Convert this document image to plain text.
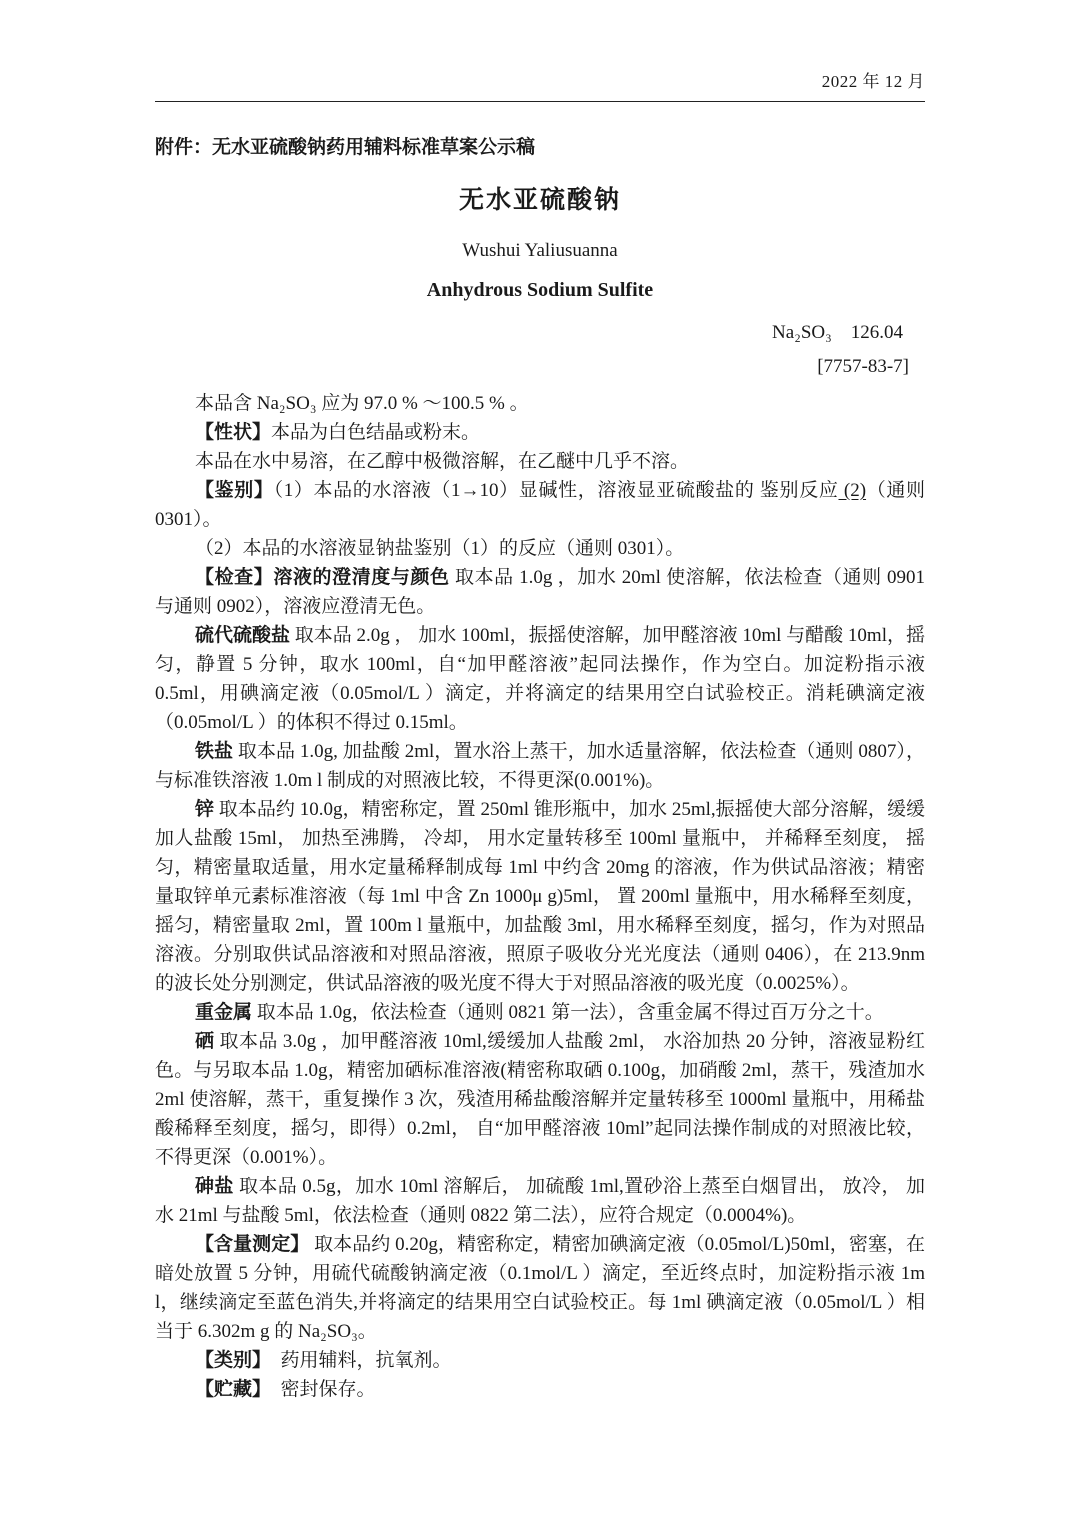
2022 年 12 月
附件：无水亚硫酸钠药用辅料标准草案公示稿
无水亚硫酸钠
Wushui Yaliusuanna
Anhydrous Sodium Sulfite
Na₂SO₃    126.04
[7757-83-7]

本品含 Na₂SO₃ 应为 97.0 % ～100.5 % 。

【性状】本品为白色结晶或粉末。

本品在水中易溶，在乙醇中极微溶解，在乙醚中几乎不溶。

【鉴别】（1）本品的水溶液（1→10）显碱性，溶液显亚硫酸盐的 鉴别反应 (2)（通则 0301）。

（2）本品的水溶液显钠盐鉴别（1）的反应（通则 0301）。

【检查】溶液的澄清度与颜色 取本品 1.0g ，加水 20ml 使溶解，依法检查（通则 0901 与通则 0902），溶液应澄清无色。

硫代硫酸盐 取本品 2.0g ， 加水 100ml，振摇使溶解，加甲醛溶液 10ml 与醋酸 10ml，摇匀，静置 5 分钟，取水 100ml，自“加甲醛溶液”起同法操作，作为空白。加淀粉指示液 0.5ml，用碘滴定液（0.05mol/L ）滴定，并将滴定的结果用空白试验校正。消耗碘滴定液（0.05mol/L ）的体积不得过 0.15ml。

铁盐 取本品 1.0g, 加盐酸 2ml，置水浴上蒸干，加水适量溶解，依法检查（通则 0807），与标准铁溶液 1.0m l 制成的对照液比较，不得更深(0.001%)。

锌 取本品约 10.0g，精密称定，置 250ml 锥形瓶中，加水 25ml,振摇使大部分溶解，缓缓加人盐酸 15ml， 加热至沸腾， 冷却， 用水定量转移至 100ml 量瓶中， 并稀释至刻度， 摇匀，精密量取适量，用水定量稀释制成每 1ml 中约含 20mg 的溶液，作为供试品溶液；精密量取锌单元素标准溶液（每 1ml 中含 Zn 1000μ g)5ml， 置 200ml 量瓶中，用水稀释至刻度，摇匀，精密量取 2ml，置 100m l 量瓶中，加盐酸 3ml，用水稀释至刻度，摇匀，作为对照品溶液。分别取供试品溶液和对照品溶液，照原子吸收分光光度法（通则 0406），在 213.9nm 的波长处分别测定，供试品溶液的吸光度不得大于对照品溶液的吸光度（0.0025%）。

重金属 取本品 1.0g，依法检查（通则 0821 第一法），含重金属不得过百万分之十。

硒 取本品 3.0g ，加甲醛溶液 10ml,缓缓加人盐酸 2ml， 水浴加热 20 分钟，溶液显粉红色。与另取本品 1.0g，精密加硒标准溶液(精密称取硒 0.100g，加硝酸 2ml，蒸干，残渣加水 2ml 使溶解，蒸干，重复操作 3 次，残渣用稀盐酸溶解并定量转移至 1000ml 量瓶中，用稀盐酸稀释至刻度，摇匀，即得）0.2ml， 自“加甲醛溶液 10ml”起同法操作制成的对照液比较，不得更深（0.001%）。

砷盐 取本品 0.5g，加水 10ml 溶解后， 加硫酸 1ml,置砂浴上蒸至白烟冒出， 放冷， 加水 21ml 与盐酸 5ml，依法检查（通则 0822 第二法），应符合规定（0.0004%)。

【含量测定】 取本品约 0.20g，精密称定，精密加碘滴定液（0.05mol/L)50ml，密塞，在暗处放置 5 分钟，用硫代硫酸钠滴定液（0.1mol/L ）滴定，至近终点时，加淀粉指示液 1m l，继续滴定至蓝色消失,并将滴定的结果用空白试验校正。每 1ml 碘滴定液（0.05mol/L ）相当于 6.302m g 的 Na₂SO₃。

【类别】　药用辅料，抗氧剂。

【贮藏】　密封保存。
